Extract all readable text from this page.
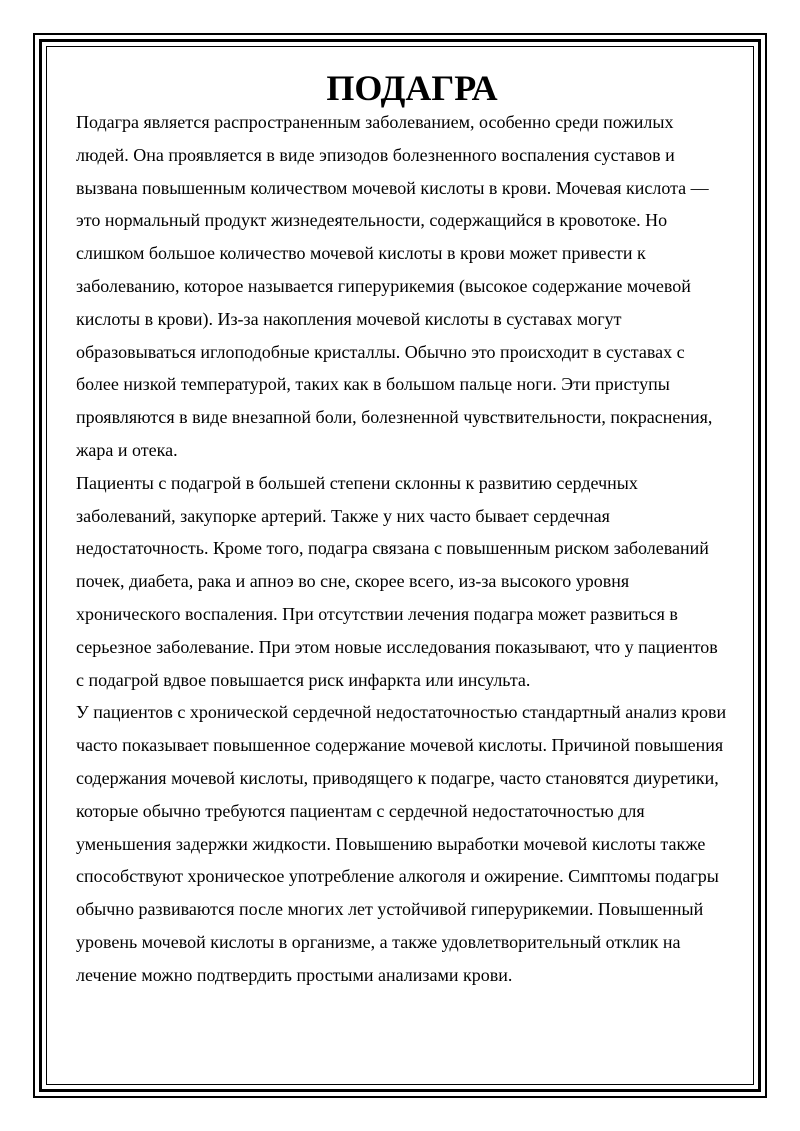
ПОДАГРА

Подагра является распространенным заболеванием, особенно среди пожилых людей. Она проявляется в виде эпизодов болезненного воспаления суставов и вызвана повышенным количеством мочевой кислоты в крови. Мочевая кислота — это нормальный продукт жизнедеятельности, содержащийся в кровотоке. Но слишком большое количество мочевой кислоты в крови может привести к заболеванию, которое называется гиперурикемия (высокое содержание мочевой кислоты в крови). Из-за накопления мочевой кислоты в суставах могут образовываться иглоподобные кристаллы. Обычно это происходит в суставах с более низкой температурой, таких как в большом пальце ноги. Эти приступы проявляются в виде внезапной боли, болезненной чувствительности, покраснения, жара и отека.

Пациенты с подагрой в большей степени склонны к развитию сердечных заболеваний, закупорке артерий. Также у них часто бывает сердечная недостаточность. Кроме того, подагра связана с повышенным риском заболеваний почек, диабета, рака и апноэ во сне, скорее всего, из-за высокого уровня хронического воспаления. При отсутствии лечения подагра может развиться в серьезное заболевание. При этом новые исследования показывают, что у пациентов с подагрой вдвое повышается риск инфаркта или инсульта.

У пациентов с хронической сердечной недостаточностью стандартный анализ крови часто показывает повышенное содержание мочевой кислоты. Причиной повышения содержания мочевой кислоты, приводящего к подагре, часто становятся диуретики, которые обычно требуются пациентам с сердечной недостаточностью для уменьшения задержки жидкости. Повышению выработки мочевой кислоты также способствуют хроническое употребление алкоголя и ожирение. Симптомы подагры обычно развиваются после многих лет устойчивой гиперурикемии. Повышенный уровень мочевой кислоты в организме, а также удовлетворительный отклик на лечение можно подтвердить простыми анализами крови.
